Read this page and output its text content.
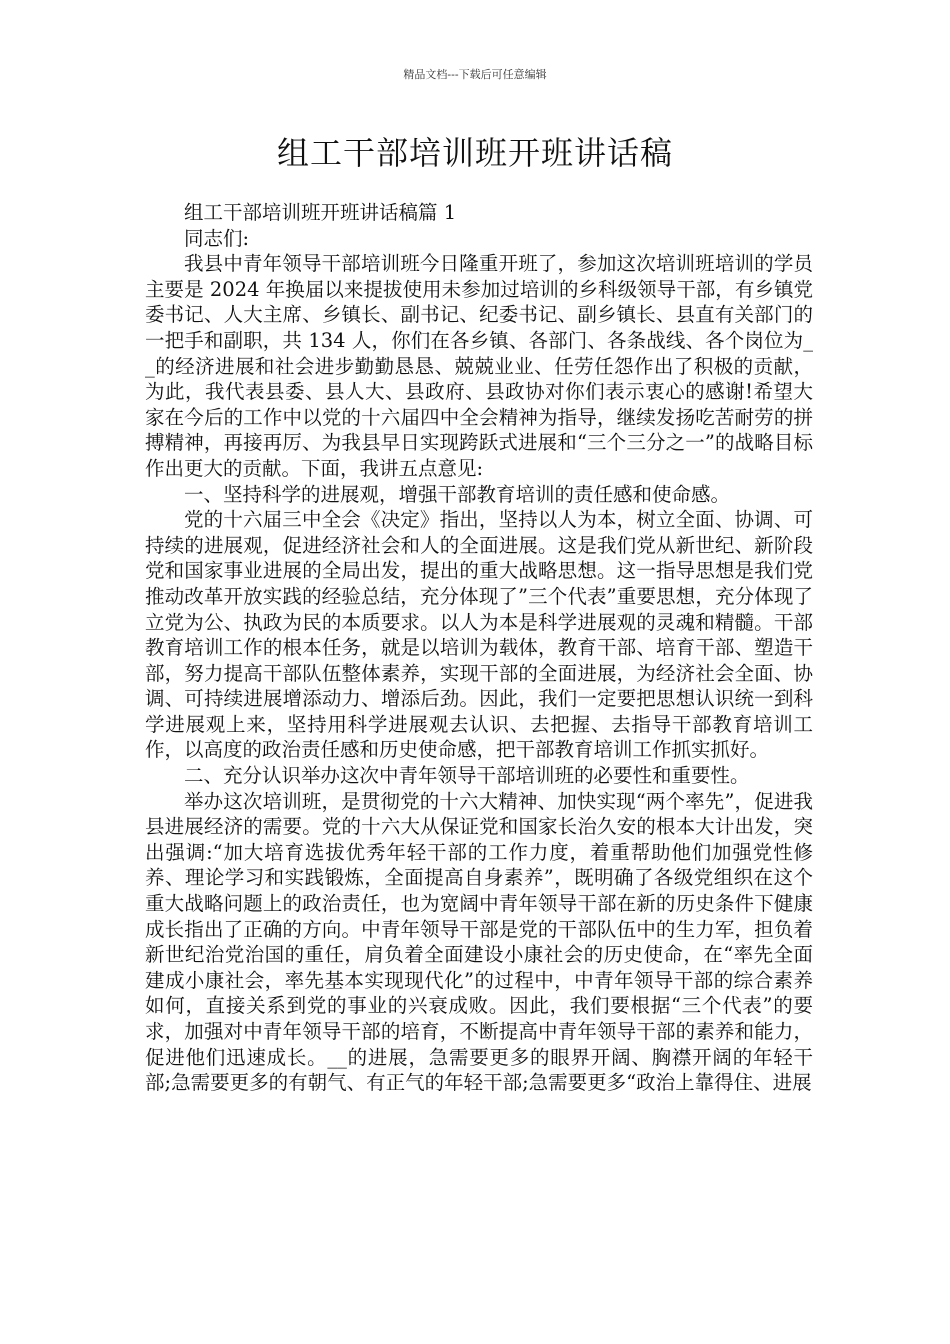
精品文档---下载后可任意编辑
组工干部培训班开班讲话稿

组工干部培训班开班讲话稿篇 1

同志们:

我县中青年领导干部培训班今日隆重开班了，参加这次培训班培训的学员主要是 2024 年换届以来提拔使用未参加过培训的乡科级领导干部，有乡镇党委书记、人大主席、乡镇长、副书记、纪委书记、副乡镇长、县直有关部门的一把手和副职，共 134 人，你们在各乡镇、各部门、各条战线、各个岗位为__的经济进展和社会进步勤勤恳恳、兢兢业业、任劳任怨作出了积极的贡献，为此，我代表县委、县人大、县政府、县政协对你们表示衷心的感谢!希望大家在今后的工作中以党的十六届四中全会精神为指导，继续发扬吃苦耐劳的拼搏精神，再接再厉、为我县早日实现跨跃式进展和“三个三分之一”的战略目标作出更大的贡献。下面，我讲五点意见:

一、坚持科学的进展观，增强干部教育培训的责任感和使命感。

党的十六届三中全会《决定》指出，坚持以人为本，树立全面、协调、可持续的进展观，促进经济社会和人的全面进展。这是我们党从新世纪、新阶段党和国家事业进展的全局出发，提出的重大战略思想。这一指导思想是我们党推动改革开放实践的经验总结，充分体现了”三个代表”重要思想，充分体现了立党为公、执政为民的本质要求。以人为本是科学进展观的灵魂和精髓。干部教育培训工作的根本任务，就是以培训为载体，教育干部、培育干部、塑造干部，努力提高干部队伍整体素养，实现干部的全面进展，为经济社会全面、协调、可持续进展增添动力、增添后劲。因此，我们一定要把思想认识统一到科学进展观上来，坚持用科学进展观去认识、去把握、去指导干部教育培训工作，以高度的政治责任感和历史使命感，把干部教育培训工作抓实抓好。

二、充分认识举办这次中青年领导干部培训班的必要性和重要性。

举办这次培训班，是贯彻党的十六大精神、加快实现“两个率先”，促进我县进展经济的需要。党的十六大从保证党和国家长治久安的根本大计出发，突出强调:“加大培育选拔优秀年轻干部的工作力度，着重帮助他们加强党性修养、理论学习和实践锻炼，全面提高自身素养”，既明确了各级党组织在这个重大战略问题上的政治责任，也为宽阔中青年领导干部在新的历史条件下健康成长指出了正确的方向。中青年领导干部是党的干部队伍中的生力军，担负着新世纪治党治国的重任，肩负着全面建设小康社会的历史使命，在“率先全面建成小康社会，率先基本实现现代化”的过程中，中青年领导干部的综合素养如何，直接关系到党的事业的兴衰成败。因此，我们要根据“三个代表”的要求，加强对中青年领导干部的培育，不断提高中青年领导干部的素养和能力，促进他们迅速成长。__的进展，急需要更多的眼界开阔、胸襟开阔的年轻干部;急需要更多的有朝气、有正气的年轻干部;急需要更多“政治上靠得住、进展
